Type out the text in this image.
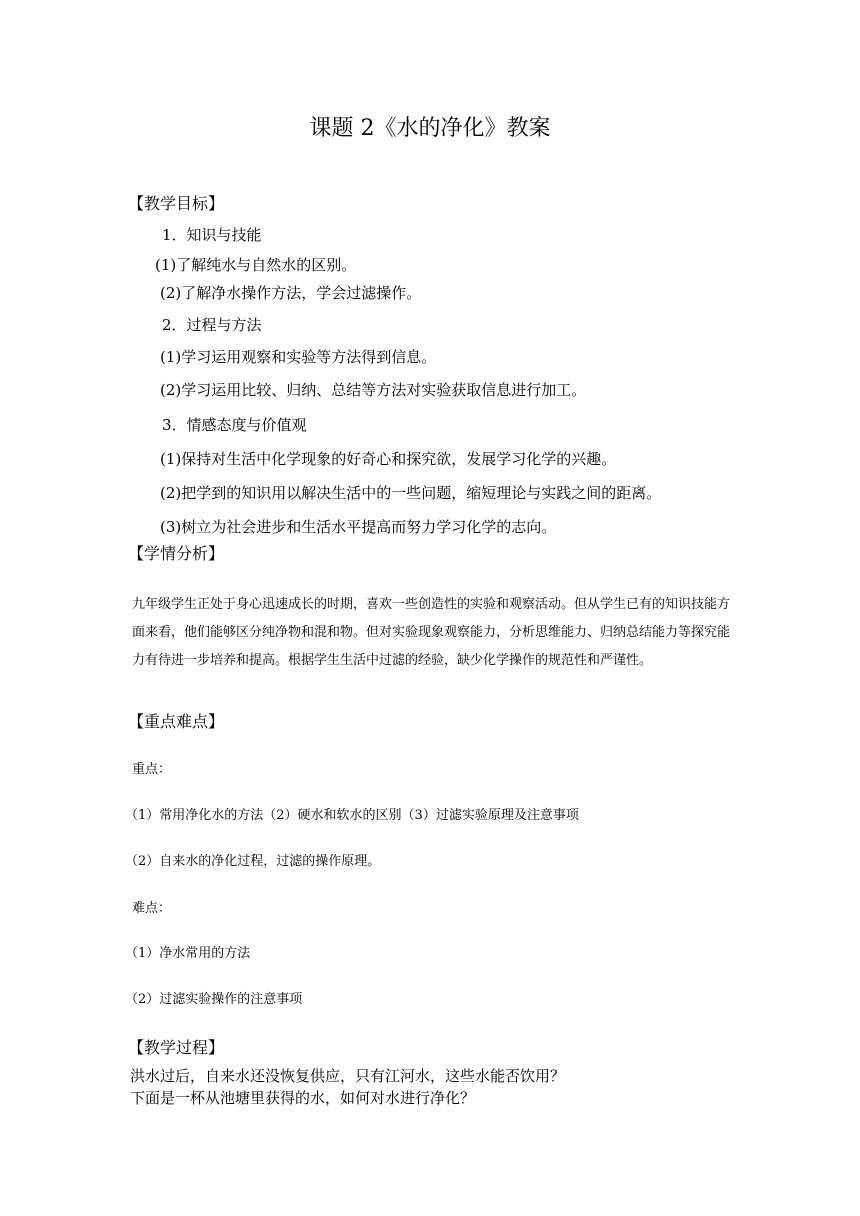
课题 2《水的净化》教案
【教学目标】
1．知识与技能
(1)了解纯水与自然水的区别。
(2)了解净水操作方法，学会过滤操作。
2．过程与方法
(1)学习运用观察和实验等方法得到信息。
(2)学习运用比较、归纳、总结等方法对实验获取信息进行加工。
3．情感态度与价值观
(1)保持对生活中化学现象的好奇心和探究欲，发展学习化学的兴趣。
(2)把学到的知识用以解决生活中的一些问题，缩短理论与实践之间的距离。
(3)树立为社会进步和生活水平提高而努力学习化学的志向。
【学情分析】
九年级学生正处于身心迅速成长的时期，喜欢一些创造性的实验和观察活动。但从学生已有的知识技能方面来看，他们能够区分纯净物和混和物。但对实验现象观察能力，分析思维能力、归纳总结能力等探究能力有待进一步培养和提高。根据学生生活中过滤的经验，缺少化学操作的规范性和严谨性。
【重点难点】
重点：
（1）常用净化水的方法（2）硬水和软水的区别（3）过滤实验原理及注意事项
（2）自来水的净化过程，过滤的操作原理。
难点：
（1）净水常用的方法
（2）过滤实验操作的注意事项
【教学过程】
洪水过后，自来水还没恢复供应，只有江河水，这些水能否饮用？
下面是一杯从池塘里获得的水，如何对水进行净化？
